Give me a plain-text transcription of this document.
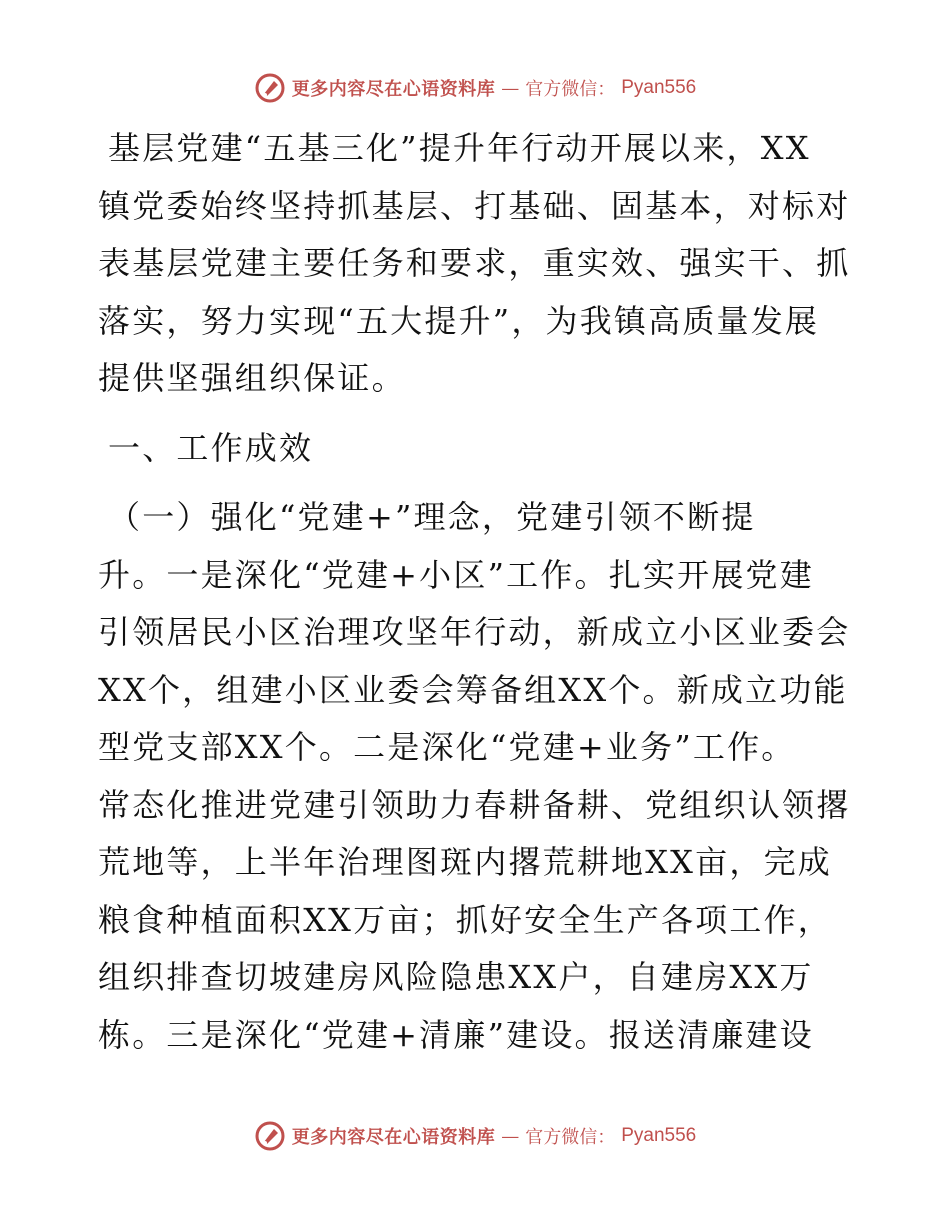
更多内容尽在心语资料库 — 官方微信： Pyan556
基层党建“五基三化”提升年行动开展以来，XX
镇党委始终坚持抓基层、打基础、固基本，对标对
表基层党建主要任务和要求，重实效、强实干、抓
落实，努力实现“五大提升”，为我镇高质量发展
提供坚强组织保证。
一、工作成效
（一）强化“党建+”理念，党建引领不断提
升。一是深化“党建+小区”工作。扎实开展党建
引领居民小区治理攻坚年行动，新成立小区业委会
XX个，组建小区业委会筹备组XX个。新成立功能
型党支部XX个。二是深化“党建+业务”工作。
常态化推进党建引领助力春耕备耕、党组织认领撂
荒地等，上半年治理图斑内撂荒耕地XX亩，完成
粮食种植面积XX万亩；抓好安全生产各项工作，
组织排查切坡建房风险隐患XX户，自建房XX万
栋。三是深化“党建+清廉”建设。报送清廉建设
更多内容尽在心语资料库 — 官方微信： Pyan556
